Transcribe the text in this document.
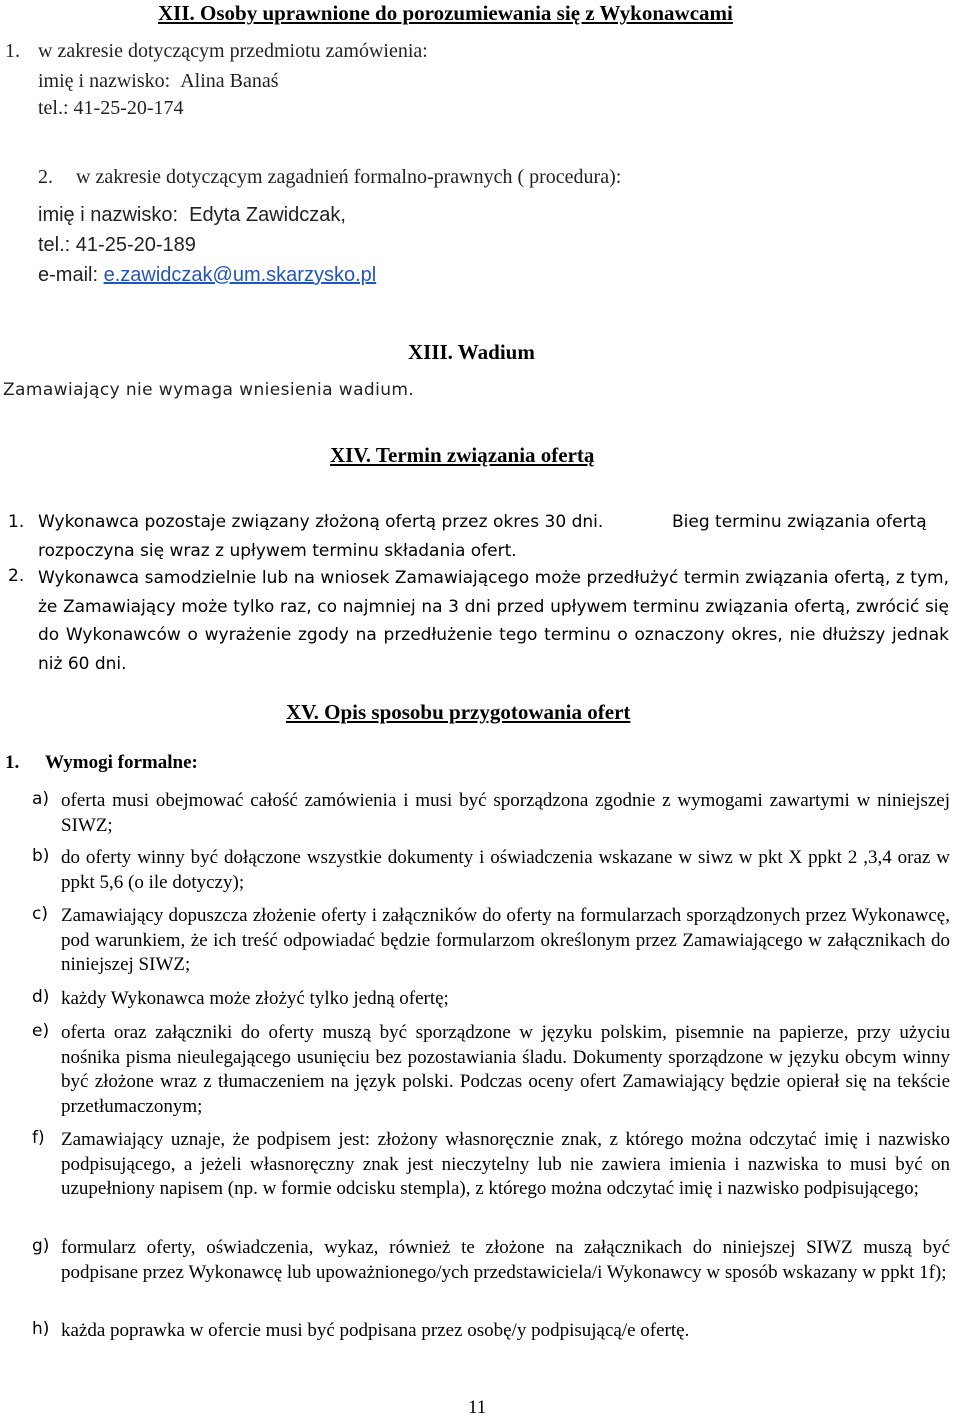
XII. Osoby uprawnione do porozumiewania się z Wykonawcami
1. w zakresie dotyczącym przedmiotu zamówienia:
imię i nazwisko: Alina Banaś
tel.: 41-25-20-174
2. w zakresie dotyczącym zagadnień formalno-prawnych ( procedura):
imię i nazwisko: Edyta Zawidczak,
tel.: 41-25-20-189
e-mail: e.zawidczak@um.skarzysko.pl
XIII. Wadium
Zamawiający nie wymaga wniesienia wadium.
XIV. Termin związania ofertą
1. Wykonawca pozostaje związany złożoną ofertą przez okres 30 dni.	Bieg terminu związania ofertą
rozpoczyna się wraz z upływem terminu składania ofert.
2. Wykonawca samodzielnie lub na wniosek Zamawiającego może przedłużyć termin związania ofertą, z tym, że Zamawiający może tylko raz, co najmniej na 3 dni przed upływem terminu związania ofertą, zwrócić się do Wykonawców o wyrażenie zgody na przedłużenie tego terminu o oznaczony okres, nie dłuższy jednak niż 60 dni.
XV. Opis sposobu przygotowania ofert
1. Wymogi formalne:
a) oferta musi obejmować całość zamówienia i musi być sporządzona zgodnie z wymogami zawartymi w niniejszej SIWZ;
b) do oferty winny być dołączone wszystkie dokumenty i oświadczenia wskazane w siwz w pkt X ppkt 2 ,3,4 oraz w ppkt 5,6 (o ile dotyczy);
c) Zamawiający dopuszcza złożenie oferty i załączników do oferty na formularzach sporządzonych przez Wykonawcę, pod warunkiem, że ich treść odpowiadać będzie formularzom określonym przez Zamawiającego w załącznikach do niniejszej SIWZ;
d) każdy Wykonawca może złożyć tylko jedną ofertę;
e) oferta oraz załączniki do oferty muszą być sporządzone w języku polskim, pisemnie na papierze, przy użyciu nośnika pisma nieulegającego usunięciu bez pozostawiania śladu. Dokumenty sporządzone w języku obcym winny być złożone wraz z tłumaczeniem na język polski. Podczas oceny ofert Zamawiający będzie opierał się na tekście przetłumaczonym;
f) Zamawiający uznaje, że podpisem jest: złożony własnoręcznie znak, z którego można odczytać imię i nazwisko podpisującego, a jeżeli własnoręczny znak jest nieczytelny lub nie zawiera imienia i nazwiska to musi być on uzupełniony napisem (np. w formie odcisku stempla), z którego można odczytać imię i nazwisko podpisującego;
g) formularz oferty, oświadczenia, wykaz, również te złożone na załącznikach do niniejszej SIWZ muszą być podpisane przez Wykonawcę lub upoważnionego/ych przedstawiciela/i Wykonawcy w sposób wskazany w ppkt 1f);
h) każda poprawka w ofercie musi być podpisana przez osobę/y podpisującą/e ofertę.
11
